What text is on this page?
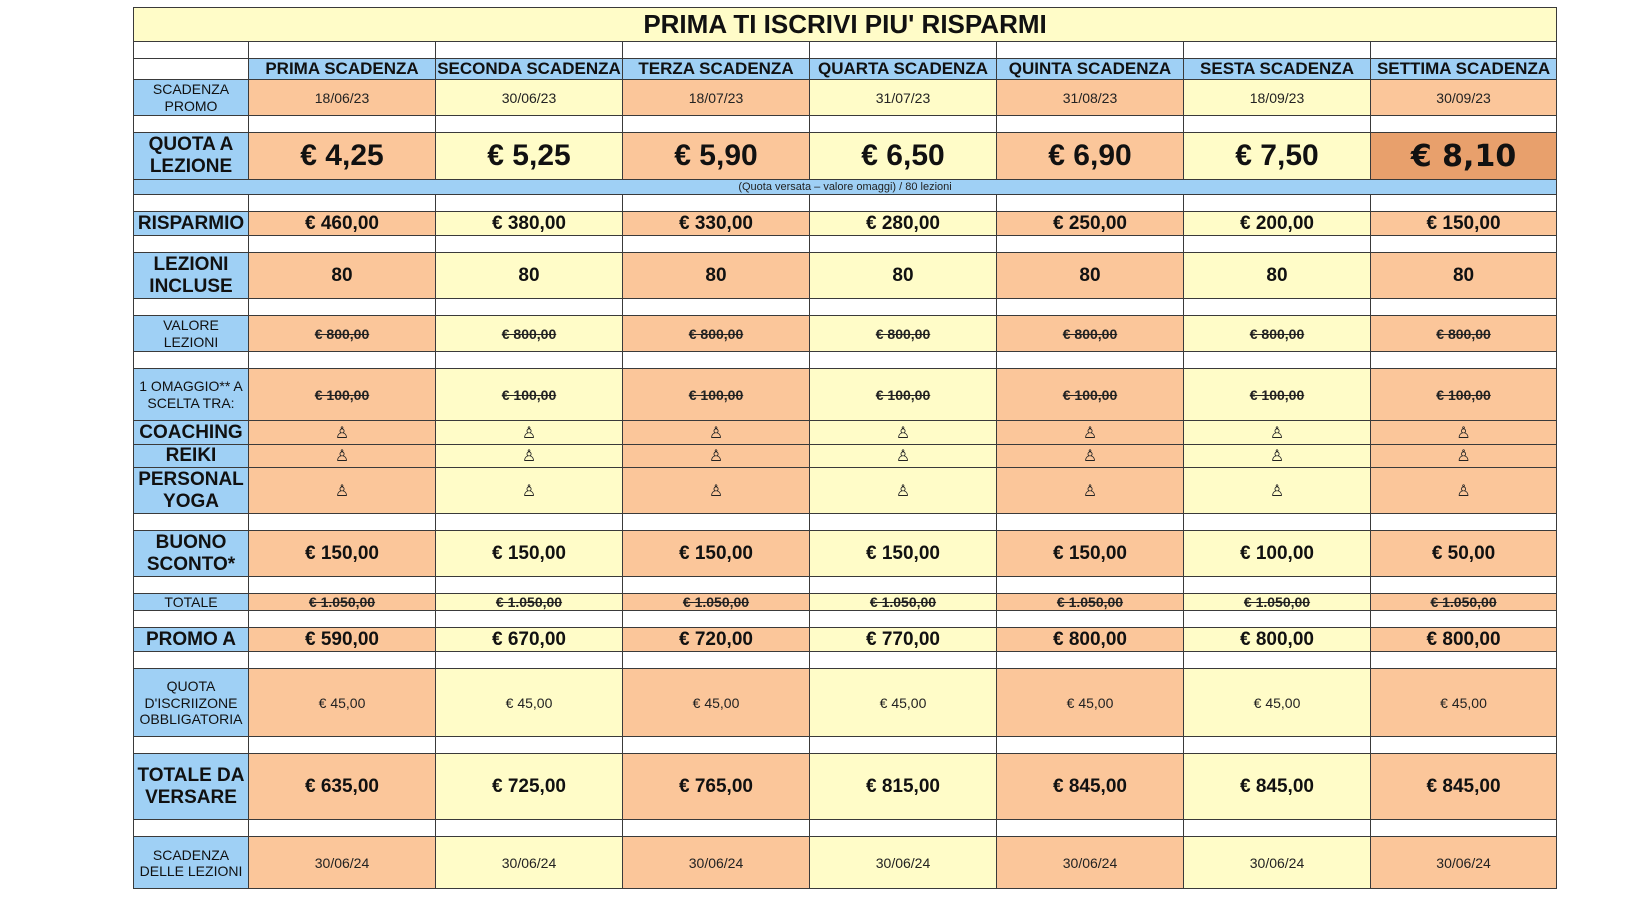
PRIMA TI ISCRIVI PIU' RISPARMI							

	PRIMA SCADENZA	SECONDA SCADENZA	TERZA SCADENZA	QUARTA SCADENZA	QUINTA SCADENZA	SESTA SCADENZA	SETTIMA SCADENZA
SCADENZA PROMO	18/06/23	30/06/23	18/07/23	31/07/23	31/08/23	18/09/23	30/09/23

QUOTA A LEZIONE	€ 4,25	€ 5,25	€ 5,90	€ 6,50	€ 6,90	€ 7,50	€ 8,10
(Quota versata – valore omaggi) / 80 lezioni							

RISPARMIO	€ 460,00	€ 380,00	€ 330,00	€ 280,00	€ 250,00	€ 200,00	€ 150,00

LEZIONI INCLUSE	80	80	80	80	80	80	80

VALORE LEZIONI	€ 800,00	€ 800,00	€ 800,00	€ 800,00	€ 800,00	€ 800,00	€ 800,00

1 OMAGGIO** A SCELTA TRA:	€ 100,00	€ 100,00	€ 100,00	€ 100,00	€ 100,00	€ 100,00	€ 100,00
COACHING	♙	♙	♙	♙	♙	♙	♙
REIKI	♙	♙	♙	♙	♙	♙	♙
PERSONAL YOGA	♙	♙	♙	♙	♙	♙	♙

BUONO SCONTO*	€ 150,00	€ 150,00	€ 150,00	€ 150,00	€ 150,00	€ 100,00	€ 50,00

TOTALE	€ 1.050,00	€ 1.050,00	€ 1.050,00	€ 1.050,00	€ 1.050,00	€ 1.050,00	€ 1.050,00

PROMO A	€ 590,00	€ 670,00	€ 720,00	€ 770,00	€ 800,00	€ 800,00	€ 800,00

QUOTA D'ISCRIIZONE OBBLIGATORIA	€ 45,00	€ 45,00	€ 45,00	€ 45,00	€ 45,00	€ 45,00	€ 45,00

TOTALE DA VERSARE	€ 635,00	€ 725,00	€ 765,00	€ 815,00	€ 845,00	€ 845,00	€ 845,00

SCADENZA DELLE LEZIONI	30/06/24	30/06/24	30/06/24	30/06/24	30/06/24	30/06/24	30/06/24
